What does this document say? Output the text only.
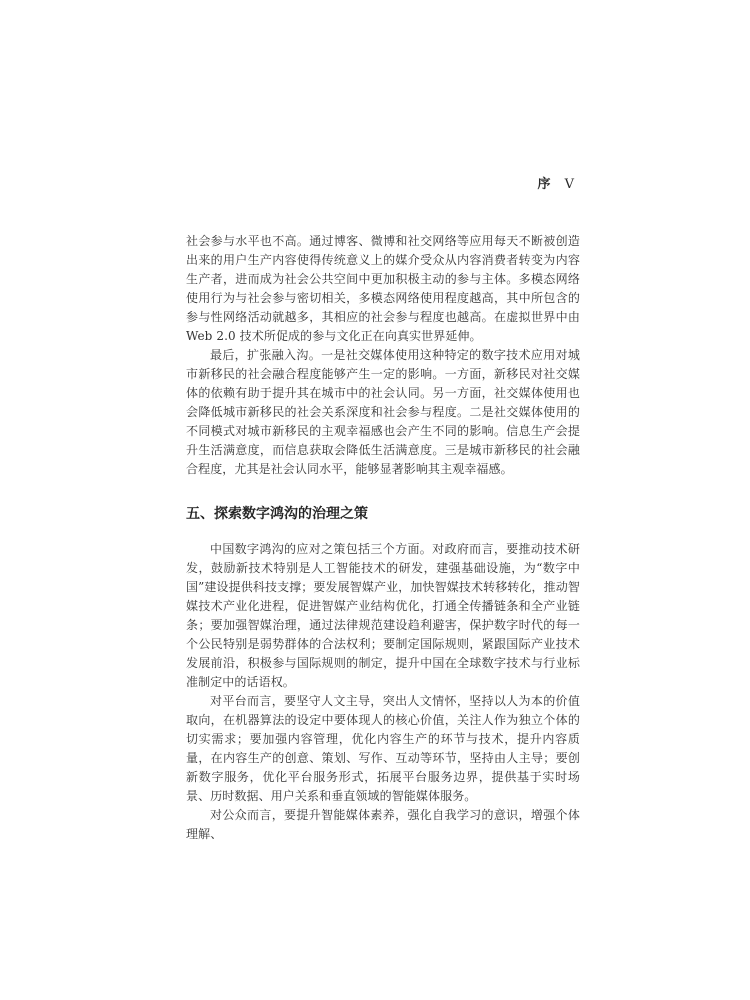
序 Ⅴ

社会参与水平也不高。通过博客、微博和社交网络等应用每天不断被创造出来的用户生产内容使得传统意义上的媒介受众从内容消费者转变为内容生产者，进而成为社会公共空间中更加积极主动的参与主体。多模态网络使用行为与社会参与密切相关，多模态网络使用程度越高，其中所包含的参与性网络活动就越多，其相应的社会参与程度也越高。在虚拟世界中由 Web 2.0 技术所促成的参与文化正在向真实世界延伸。

最后，扩张融入沟。一是社交媒体使用这种特定的数字技术应用对城市新移民的社会融合程度能够产生一定的影响。一方面，新移民对社交媒体的依赖有助于提升其在城市中的社会认同。另一方面，社交媒体使用也会降低城市新移民的社会关系深度和社会参与程度。二是社交媒体使用的不同模式对城市新移民的主观幸福感也会产生不同的影响。信息生产会提升生活满意度，而信息获取会降低生活满意度。三是城市新移民的社会融合程度，尤其是社会认同水平，能够显著影响其主观幸福感。

五、探索数字鸿沟的治理之策

中国数字鸿沟的应对之策包括三个方面。对政府而言，要推动技术研发，鼓励新技术特别是人工智能技术的研发，建强基础设施，为“数字中国”建设提供科技支撑；要发展智媒产业，加快智媒技术转移转化，推动智媒技术产业化进程，促进智媒产业结构优化，打通全传播链条和全产业链条；要加强智媒治理，通过法律规范建设趋利避害，保护数字时代的每一个公民特别是弱势群体的合法权利；要制定国际规则，紧跟国际产业技术发展前沿，积极参与国际规则的制定，提升中国在全球数字技术与行业标准制定中的话语权。

对平台而言，要坚守人文主导，突出人文情怀，坚持以人为本的价值取向，在机器算法的设定中要体现人的核心价值，关注人作为独立个体的切实需求；要加强内容管理，优化内容生产的环节与技术，提升内容质量，在内容生产的创意、策划、写作、互动等环节，坚持由人主导；要创新数字服务，优化平台服务形式，拓展平台服务边界，提供基于实时场景、历时数据、用户关系和垂直领域的智能媒体服务。

对公众而言，要提升智能媒体素养，强化自我学习的意识，增强个体理解、
